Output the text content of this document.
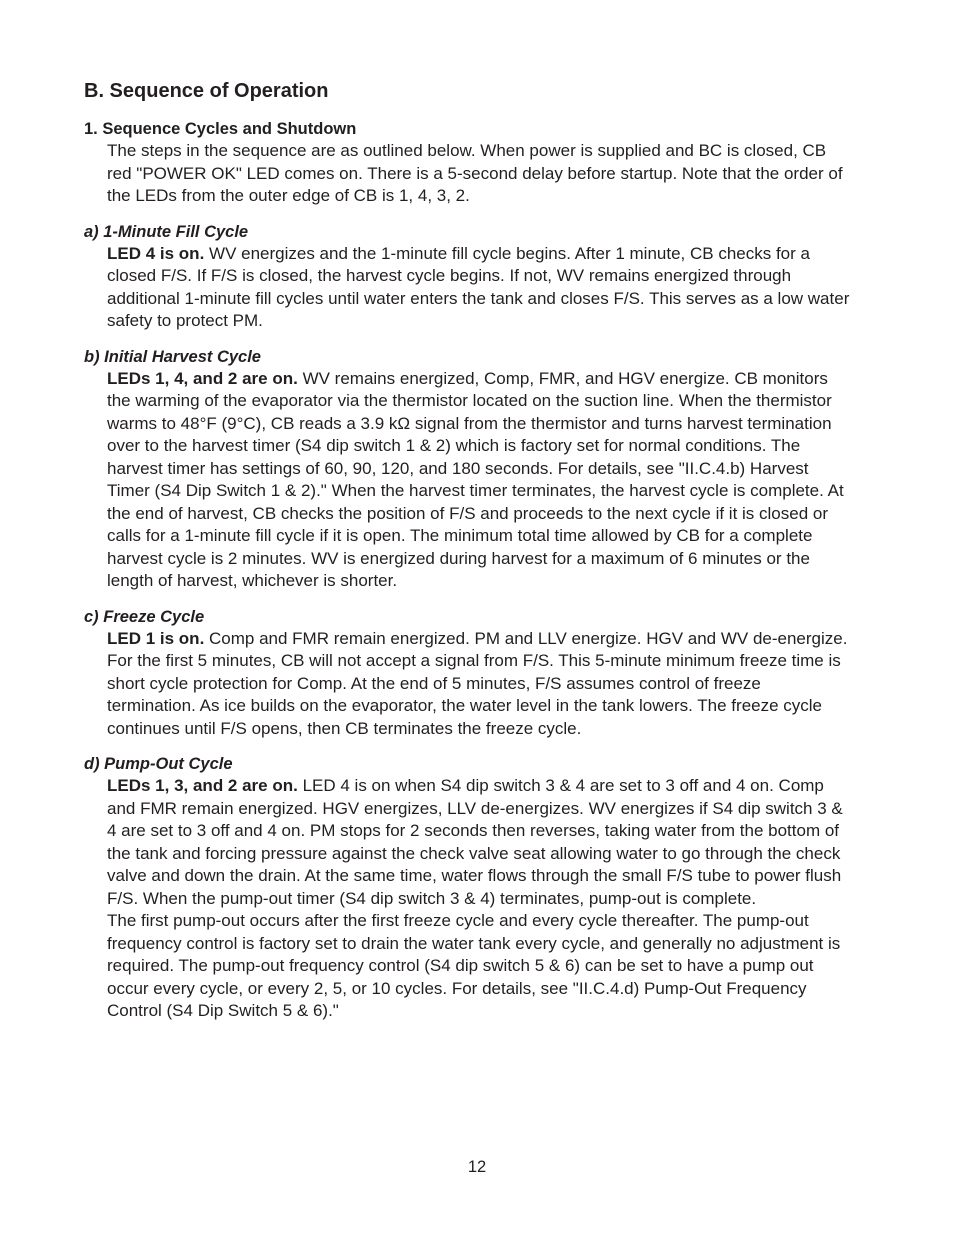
B. Sequence of Operation
1. Sequence Cycles and Shutdown

The steps in the sequence are as outlined below. When power is supplied and BC is closed, CB red "POWER OK" LED comes on. There is a 5-second delay before startup. Note that the order of the LEDs from the outer edge of CB is 1, 4, 3, 2.

a) 1-Minute Fill Cycle

LED 4 is on. WV energizes and the 1-minute fill cycle begins. After 1 minute, CB checks for a closed F/S. If F/S is closed, the harvest cycle begins. If not, WV remains energized through additional 1-minute fill cycles until water enters the tank and closes F/S. This serves as a low water safety to protect PM.

b) Initial Harvest Cycle

LEDs 1, 4, and 2 are on. WV remains energized, Comp, FMR, and HGV energize. CB monitors the warming of the evaporator via the thermistor located on the suction line. When the thermistor warms to 48°F (9°C), CB reads a 3.9 kΩ signal from the thermistor and turns harvest termination over to the harvest timer (S4 dip switch 1 & 2) which is factory set for normal conditions. The harvest timer has settings of 60, 90, 120, and 180 seconds. For details, see "II.C.4.b) Harvest Timer (S4 Dip Switch 1 & 2)." When the harvest timer terminates, the harvest cycle is complete. At the end of harvest, CB checks the position of F/S and proceeds to the next cycle if it is closed or calls for a 1-minute fill cycle if it is open. The minimum total time allowed by CB for a complete harvest cycle is 2 minutes. WV is energized during harvest for a maximum of 6 minutes or the length of harvest, whichever is shorter.

c) Freeze Cycle

LED 1 is on. Comp and FMR remain energized. PM and LLV energize. HGV and WV de-energize. For the first 5 minutes, CB will not accept a signal from F/S. This 5-minute minimum freeze time is short cycle protection for Comp. At the end of 5 minutes, F/S assumes control of freeze termination. As ice builds on the evaporator, the water level in the tank lowers. The freeze cycle continues until F/S opens, then CB terminates the freeze cycle.

d) Pump-Out Cycle

LEDs 1, 3, and 2 are on. LED 4 is on when S4 dip switch 3 & 4 are set to 3 off and 4 on. Comp and FMR remain energized. HGV energizes, LLV de-energizes. WV energizes if S4 dip switch 3 & 4 are set to 3 off and 4 on. PM stops for 2 seconds then reverses, taking water from the bottom of the tank and forcing pressure against the check valve seat allowing water to go through the check valve and down the drain. At the same time, water flows through the small F/S tube to power flush F/S. When the pump-out timer (S4 dip switch 3 & 4) terminates, pump-out is complete.

The first pump-out occurs after the first freeze cycle and every cycle thereafter. The pump-out frequency control is factory set to drain the water tank every cycle, and generally no adjustment is required. The pump-out frequency control (S4 dip switch 5 & 6) can be set to have a pump out occur every cycle, or every 2, 5, or 10 cycles. For details, see "II.C.4.d) Pump-Out Frequency Control (S4 Dip Switch 5 & 6)."

12
